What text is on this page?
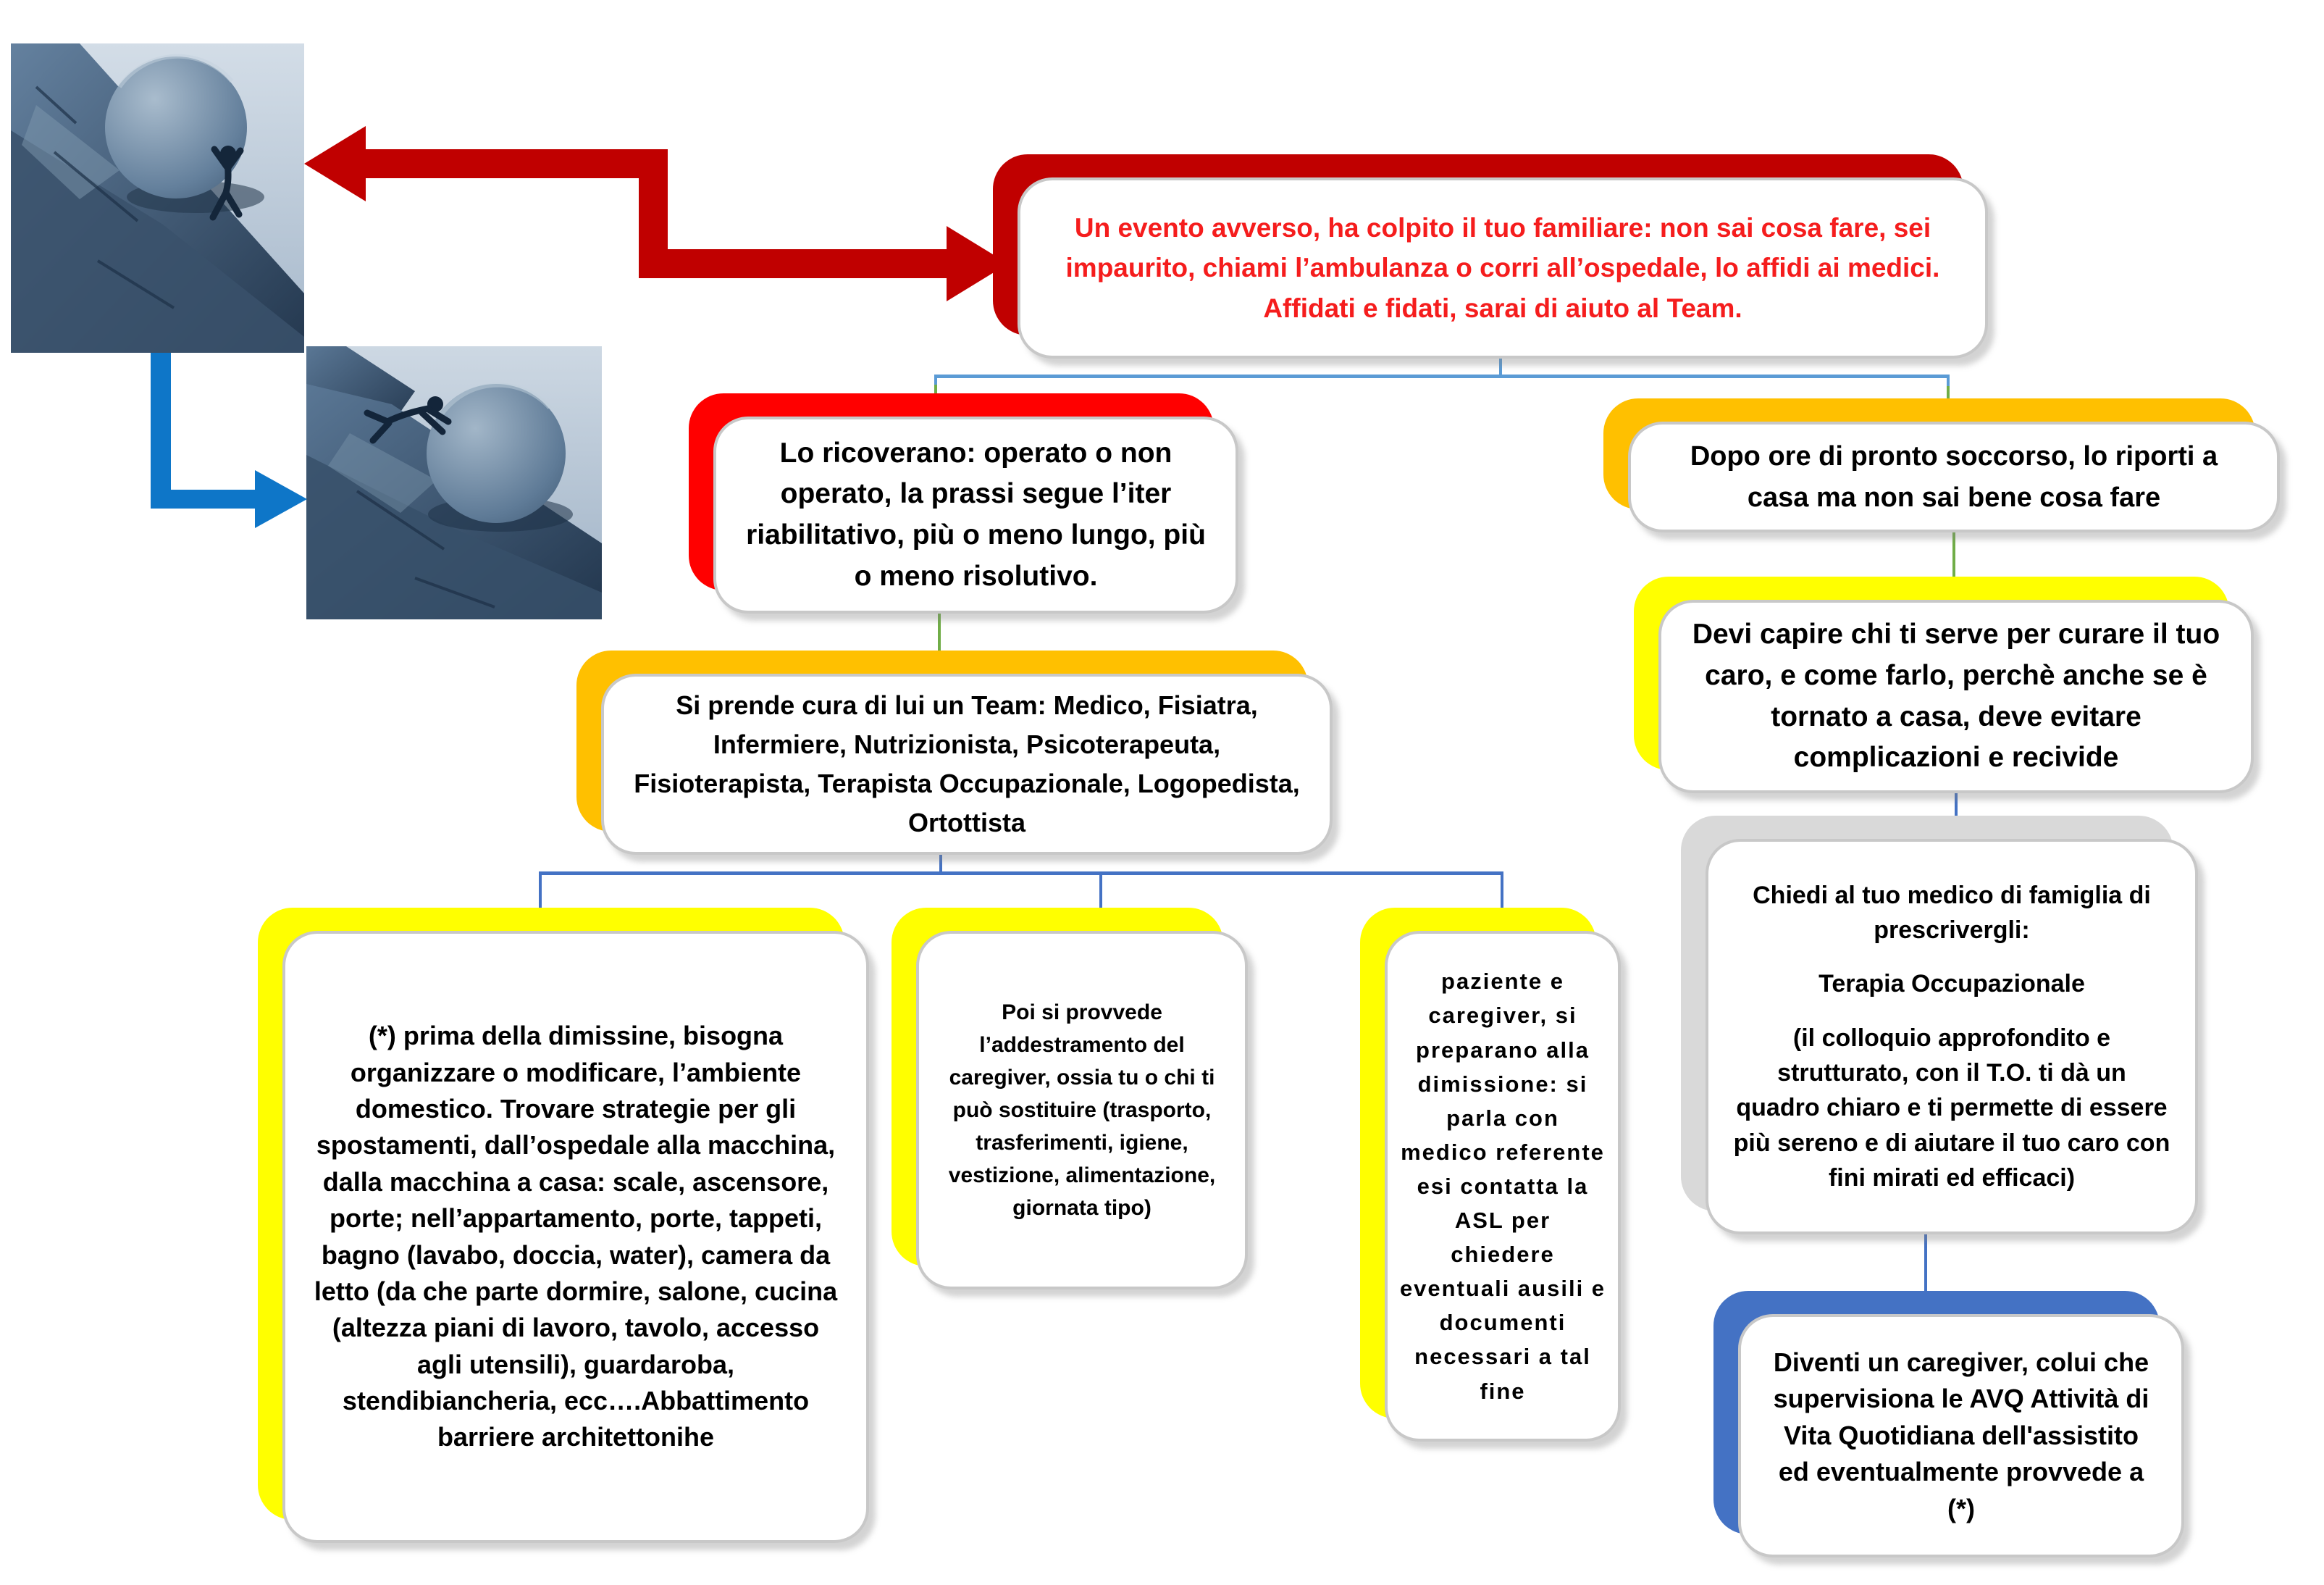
Un evento avverso, ha colpito il tuo familiare: non sai cosa fare, sei impaurito, chiami l’ambulanza o corri all’ospedale, lo affidi ai medici. Affidati e fidati, sarai di aiuto al Team.
Lo ricoverano: operato o non operato, la prassi segue l’iter riabilitativo, più o meno lungo, più o meno risolutivo.
Si prende cura di lui un Team: Medico, Fisiatra, Infermiere, Nutrizionista, Psicoterapeuta, Fisioterapista, Terapista Occupazionale, Logopedista, Ortottista
(*) prima della dimissine, bisogna organizzare o modificare, l’ambiente domestico. Trovare strategie per gli spostamenti, dall’ospedale alla macchina, dalla macchina a casa: scale, ascensore, porte; nell’appartamento, porte, tappeti, bagno (lavabo, doccia, water), camera da letto (da che parte dormire, salone, cucina (altezza piani di lavoro, tavolo, accesso agli utensili), guardaroba, stendibiancheria, ecc….Abbattimento barriere architettonihe
Poi si provvede l’addestramento del caregiver, ossia tu o chi ti può sostituire (trasporto, trasferimenti, igiene, vestizione, alimentazione, giornata tipo)
paziente e caregiver, si preparano alla dimissione: si parla con medico referente esi contatta la ASL per chiedere eventuali ausili e documenti necessari a tal fine
Dopo ore di pronto soccorso, lo riporti a casa ma non sai bene cosa fare
Devi capire chi ti serve per curare il tuo caro, e come farlo, perchè anche se è tornato a casa, deve evitare complicazioni e recivide

Chiedi al tuo medico di famiglia di prescrivergli:

Terapia Occupazionale

(il colloquio approfondito e strutturato, con il T.O. ti dà un quadro chiaro e ti permette di essere più sereno e di aiutare il tuo caro con fini mirati ed efficaci)

Diventi un caregiver, colui che supervisiona le AVQ Attività di Vita Quotidiana dell'assistito ed eventualmente provvede a (*)
